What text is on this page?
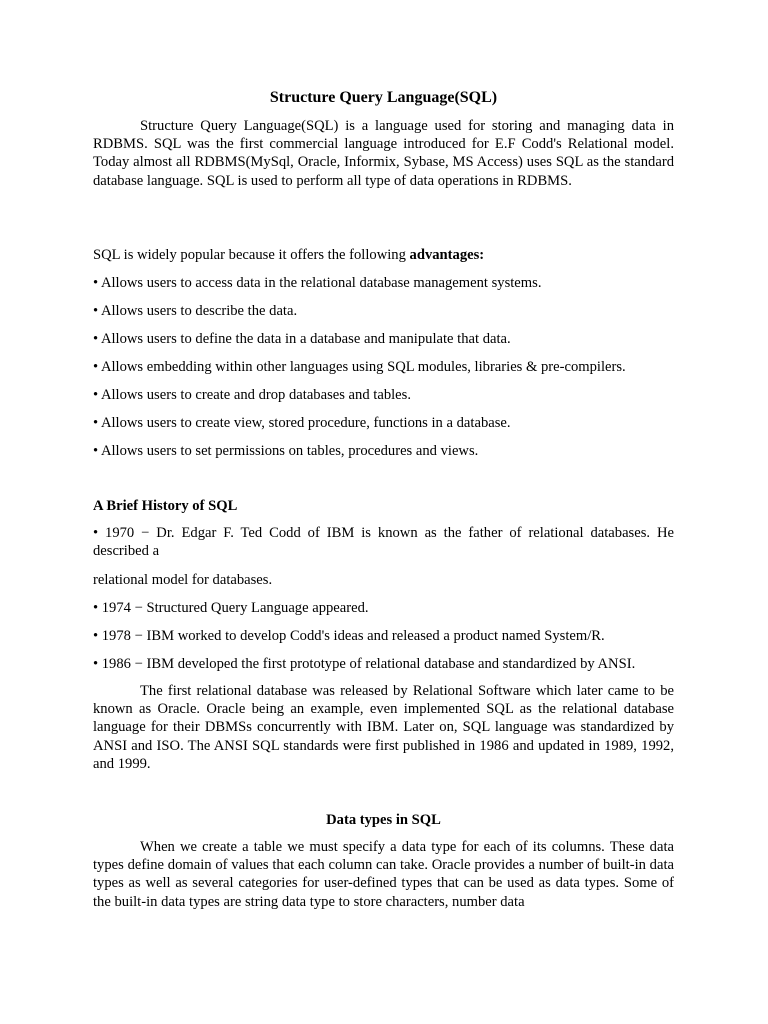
Structure Query Language(SQL)

Structure Query Language(SQL) is a language used for storing and managing data in RDBMS. SQL was the first commercial language introduced for E.F Codd's Relational model. Today almost all RDBMS(MySql, Oracle, Informix, Sybase, MS Access) uses SQL as the standard database language. SQL is used to perform all type of data operations in RDBMS.

SQL is widely popular because it offers the following advantages:
• Allows users to access data in the relational database management systems.
• Allows users to describe the data.
• Allows users to define the data in a database and manipulate that data.
• Allows embedding within other languages using SQL modules, libraries & pre-compilers.
• Allows users to create and drop databases and tables.
• Allows users to create view, stored procedure, functions in a database.
• Allows users to set permissions on tables, procedures and views.
A Brief History of SQL

• 1970 − Dr. Edgar F. Ted Codd of IBM is known as the father of relational databases. He described a

relational model for databases.
• 1974 − Structured Query Language appeared.
• 1978 − IBM worked to develop Codd's ideas and released a product named System/R.
• 1986 − IBM developed the first prototype of relational database and standardized by ANSI.

The first relational database was released by Relational Software which later came to be known as Oracle. Oracle being an example, even implemented SQL as the relational database language for their DBMSs concurrently with IBM. Later on, SQL language was standardized by ANSI and ISO. The ANSI SQL standards were first published in 1986 and updated in 1989, 1992, and 1999.

Data types in SQL

When we create a table we must specify a data type for each of its columns. These data types define domain of values that each column can take. Oracle provides a number of built-in data types as well as several categories for user-defined types that can be used as data types. Some of the built-in data types are string data type to store characters, number data
